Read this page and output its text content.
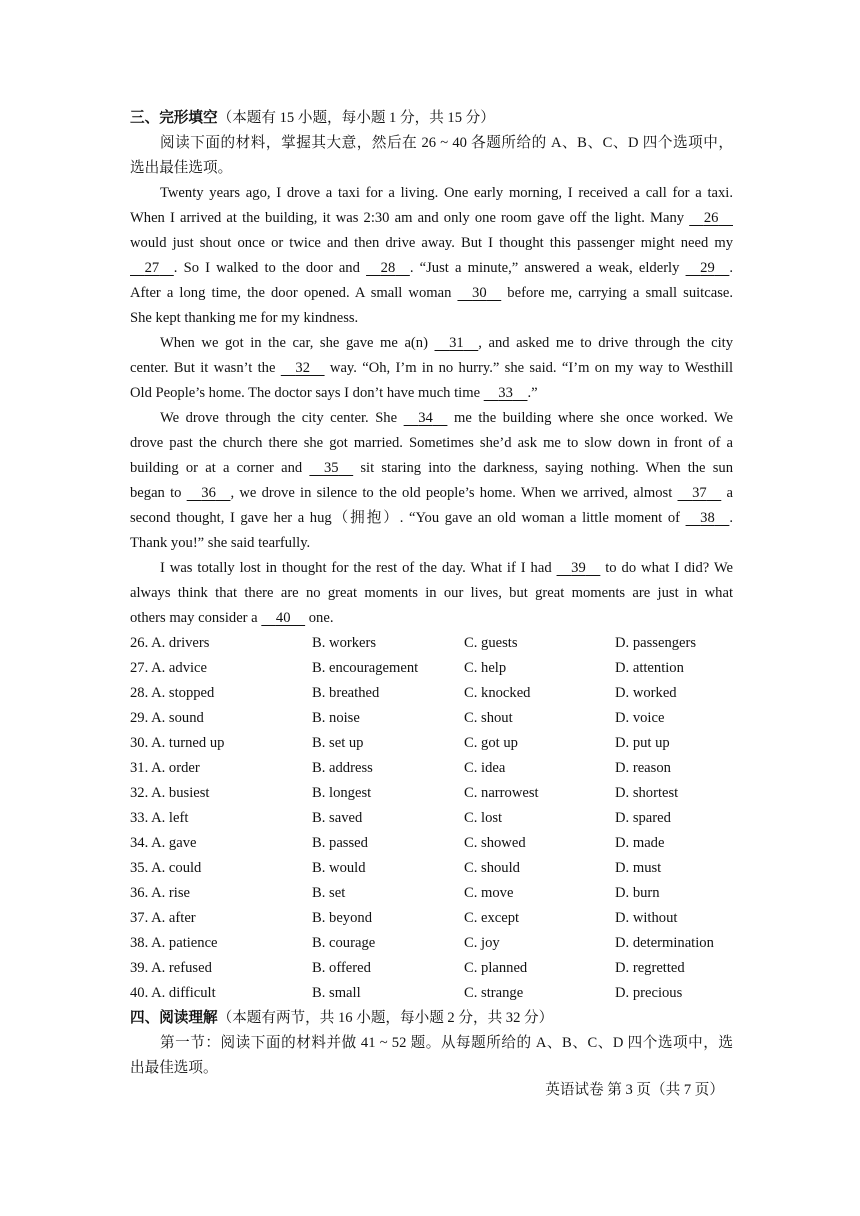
三、完形填空（本题有 15 小题，每小题 1 分，共 15 分）
阅读下面的材料，掌握其大意，然后在 26 ~ 40 各题所给的 A、B、C、D 四个选项中，
选出最佳选项。
Twenty years ago, I drove a taxi for a living. One early morning, I received a call for a taxi.
When I arrived at the building, it was 2:30 am and only one room gave off the light. Many     26
would just shout once or twice and then drive away. But I thought this passenger might need my
27 . So I walked to the door and     28 . “Just a minute,” answered a weak, elderly     29 .
After a long time, the door opened. A small woman     30     before me, carrying a small suitcase.
She kept thanking me for my kindness.
When we got in the car, she gave me a(n)     31 , and asked me to drive through the city
center. But it wasn’t the     32     way. “Oh, I’m in no hurry.” she said. “I’m on my way to Westhill
Old People’s home. The doctor says I don’t have much time     33 .”
We drove through the city center. She     34     me the building where she once worked. We
drove past the church there she got married. Sometimes she’d ask me to slow down in front of a
building or at a corner and     35     sit staring into the darkness, saying nothing. When the sun
began to     36 , we drove in silence to the old people’s home. When we arrived, almost     37     a
second thought, I gave her a hug（拥抱）. “You gave an old woman a little moment of     38 .
Thank you!” she said tearfully.
I was totally lost in thought for the rest of the day. What if I had     39     to do what I did? We
always think that there are no great moments in our lives, but great moments are just in what
others may consider a     40     one.
26. A. drivers	B. workers	C. guests	D. passengers
27. A. advice	B. encouragement	C. help	D. attention
28. A. stopped	B. breathed	C. knocked	D. worked
29. A. sound	B. noise	C. shout	D. voice
30. A. turned up	B. set up	C. got up	D. put up
31. A. order	B. address	C. idea	D. reason
32. A. busiest	B. longest	C. narrowest	D. shortest
33. A. left	B. saved	C. lost	D. spared
34. A. gave	B. passed	C. showed	D. made
35. A. could	B. would	C. should	D. must
36. A. rise	B. set	C. move	D. burn
37. A. after	B. beyond	C. except	D. without
38. A. patience	B. courage	C. joy	D. determination
39. A. refused	B. offered	C. planned	D. regretted
40. A. difficult	B. small	C. strange	D. precious
四、阅读理解（本题有两节，共 16 小题，每小题 2 分，共 32 分）
第一节：阅读下面的材料并做 41 ~ 52 题。从每题所给的 A、B、C、D 四个选项中，选
出最佳选项。
英语试卷 第 3 页（共 7 页）
